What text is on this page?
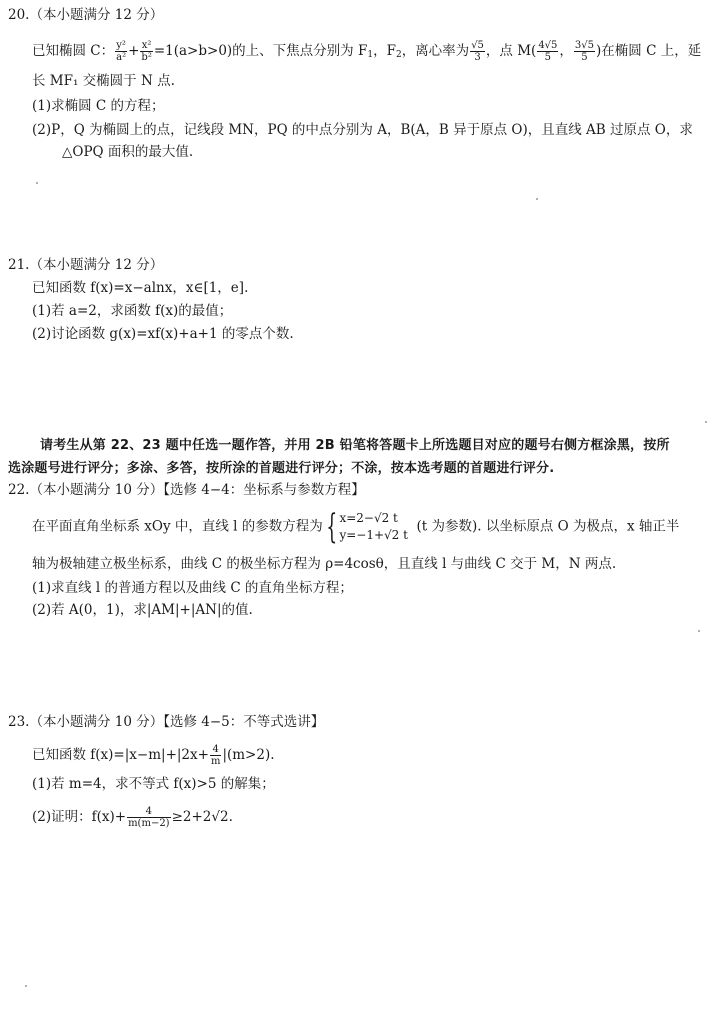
20.（本小题满分 12 分）
已知椭圆 C： $\frac{\text{y²}}{\text{a²}} + \frac{\text{x²}}{\text{b²}} =1(a>b>0)$的上、下焦点分别为 $F_1$，$F_2$，离心率为 $\frac{√5}{3}$ ，点 $M( \frac{4√5}{5}$ ， $\frac{3√5}{5}$ )在椭圆 C 上，延
长 MF₁ 交椭圆于 N 点.
(1)求椭圆 C 的方程；
(2)P，Q 为椭圆上的点，记线段 MN，PQ 的中点分别为 A，B(A，B 异于原点 O)，且直线 AB 过原点 O，求
△OPQ 面积的最大值.
21.（本小题满分 12 分）
已知函数 f(x)=x−alnx，x∈[1，e].
(1)若 a=2，求函数 f(x)的最值；
(2)讨论函数 g(x)=xf(x)+a+1 的零点个数.
请考生从第 22、23 题中任选一题作答，并用 2B 铅笔将答题卡上所选题目对应的题号右侧方框涂黑，按所
选涂题号进行评分；多涂、多答，按所涂的首题进行评分；不涂，按本选考题的首题进行评分.
22.（本小题满分 10 分）【选修 4−4：坐标系与参数方程】
在平面直角坐标系 xOy 中，直线 l 的参数方程为 { x=2−√2 t
y=−1+√2 t
(t 为参数). 以坐标原点 O 为极点，x 轴正半
轴为极轴建立极坐标系，曲线 C 的极坐标方程为 ρ=4cosθ，且直线 l 与曲线 C 交于 M，N 两点.
(1)求直线 l 的普通方程以及曲线 C 的直角坐标方程；
(2)若 A(0，1)，求|AM|+|AN|的值.
23.（本小题满分 10 分）【选修 4−5：不等式选讲】
已知函数 $f(x)=|x-m|+|2x+ \frac{4}{m} |(m>2)$.
(1)若 m=4，求不等式 f(x)>5 的解集；
(2)证明：$f(x)+ \frac{4}{m(m-2)} \ge 2+2√2$.
